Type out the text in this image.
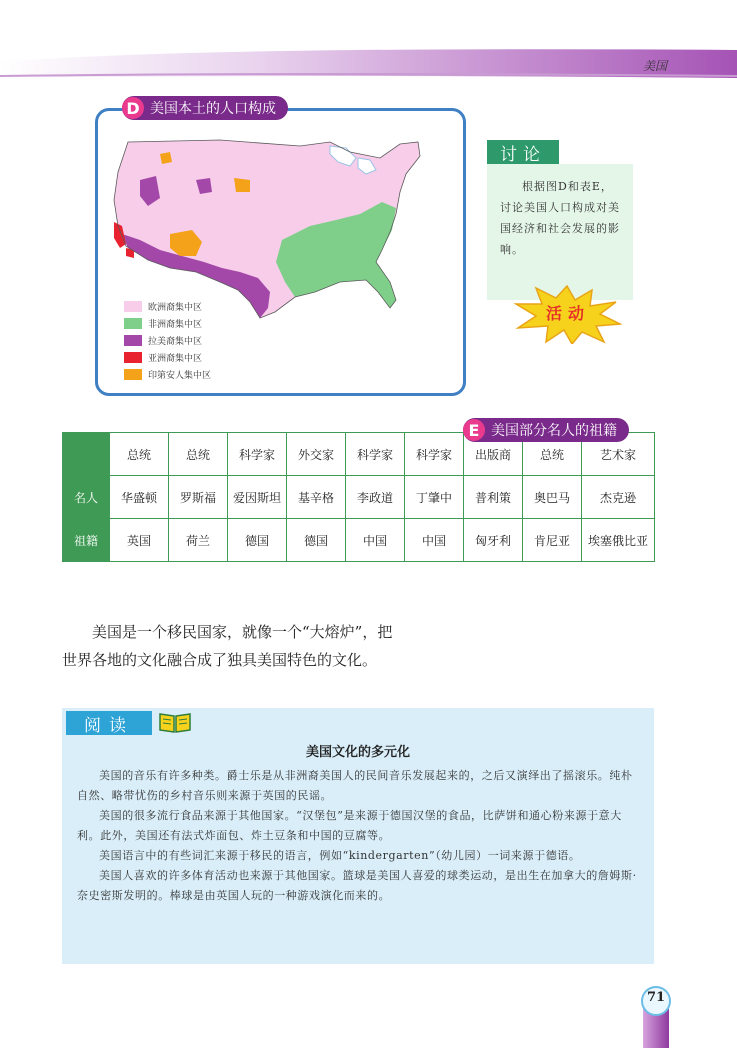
美国
D 美国本土的人口构成
欧洲裔集中区
非洲裔集中区
拉美裔集中区
亚洲裔集中区
印第安人集中区
讨论
根据图D和表E，讨论美国人口构成对美国经济和社会发展的影响。
活动
E 美国部分名人的祖籍
	总统	总统	科学家	外交家	科学家	科学家	出版商	总统	艺术家
名人	华盛顿	罗斯福	爱因斯坦	基辛格	李政道	丁肇中	普利策	奥巴马	杰克逊
祖籍	英国	荷兰	德国	德国	中国	中国	匈牙利	肯尼亚	埃塞俄比亚

美国是一个移民国家，就像一个“大熔炉”，把

世界各地的文化融合成了独具美国特色的文化。

阅读
美国文化的多元化

美国的音乐有许多种类。爵士乐是从非洲裔美国人的民间音乐发展起来的，之后又演绎出了摇滚乐。纯朴自然、略带忧伤的乡村音乐则来源于英国的民谣。

美国的很多流行食品来源于其他国家。“汉堡包”是来源于德国汉堡的食品，比萨饼和通心粉来源于意大利。此外，美国还有法式炸面包、炸土豆条和中国的豆腐等。

美国语言中的有些词汇来源于移民的语言，例如“kindergarten”（幼儿园）一词来源于德语。

美国人喜欢的许多体育活动也来源于其他国家。篮球是美国人喜爱的球类运动，是出生在加拿大的詹姆斯·奈史密斯发明的。棒球是由英国人玩的一种游戏演化而来的。

71
